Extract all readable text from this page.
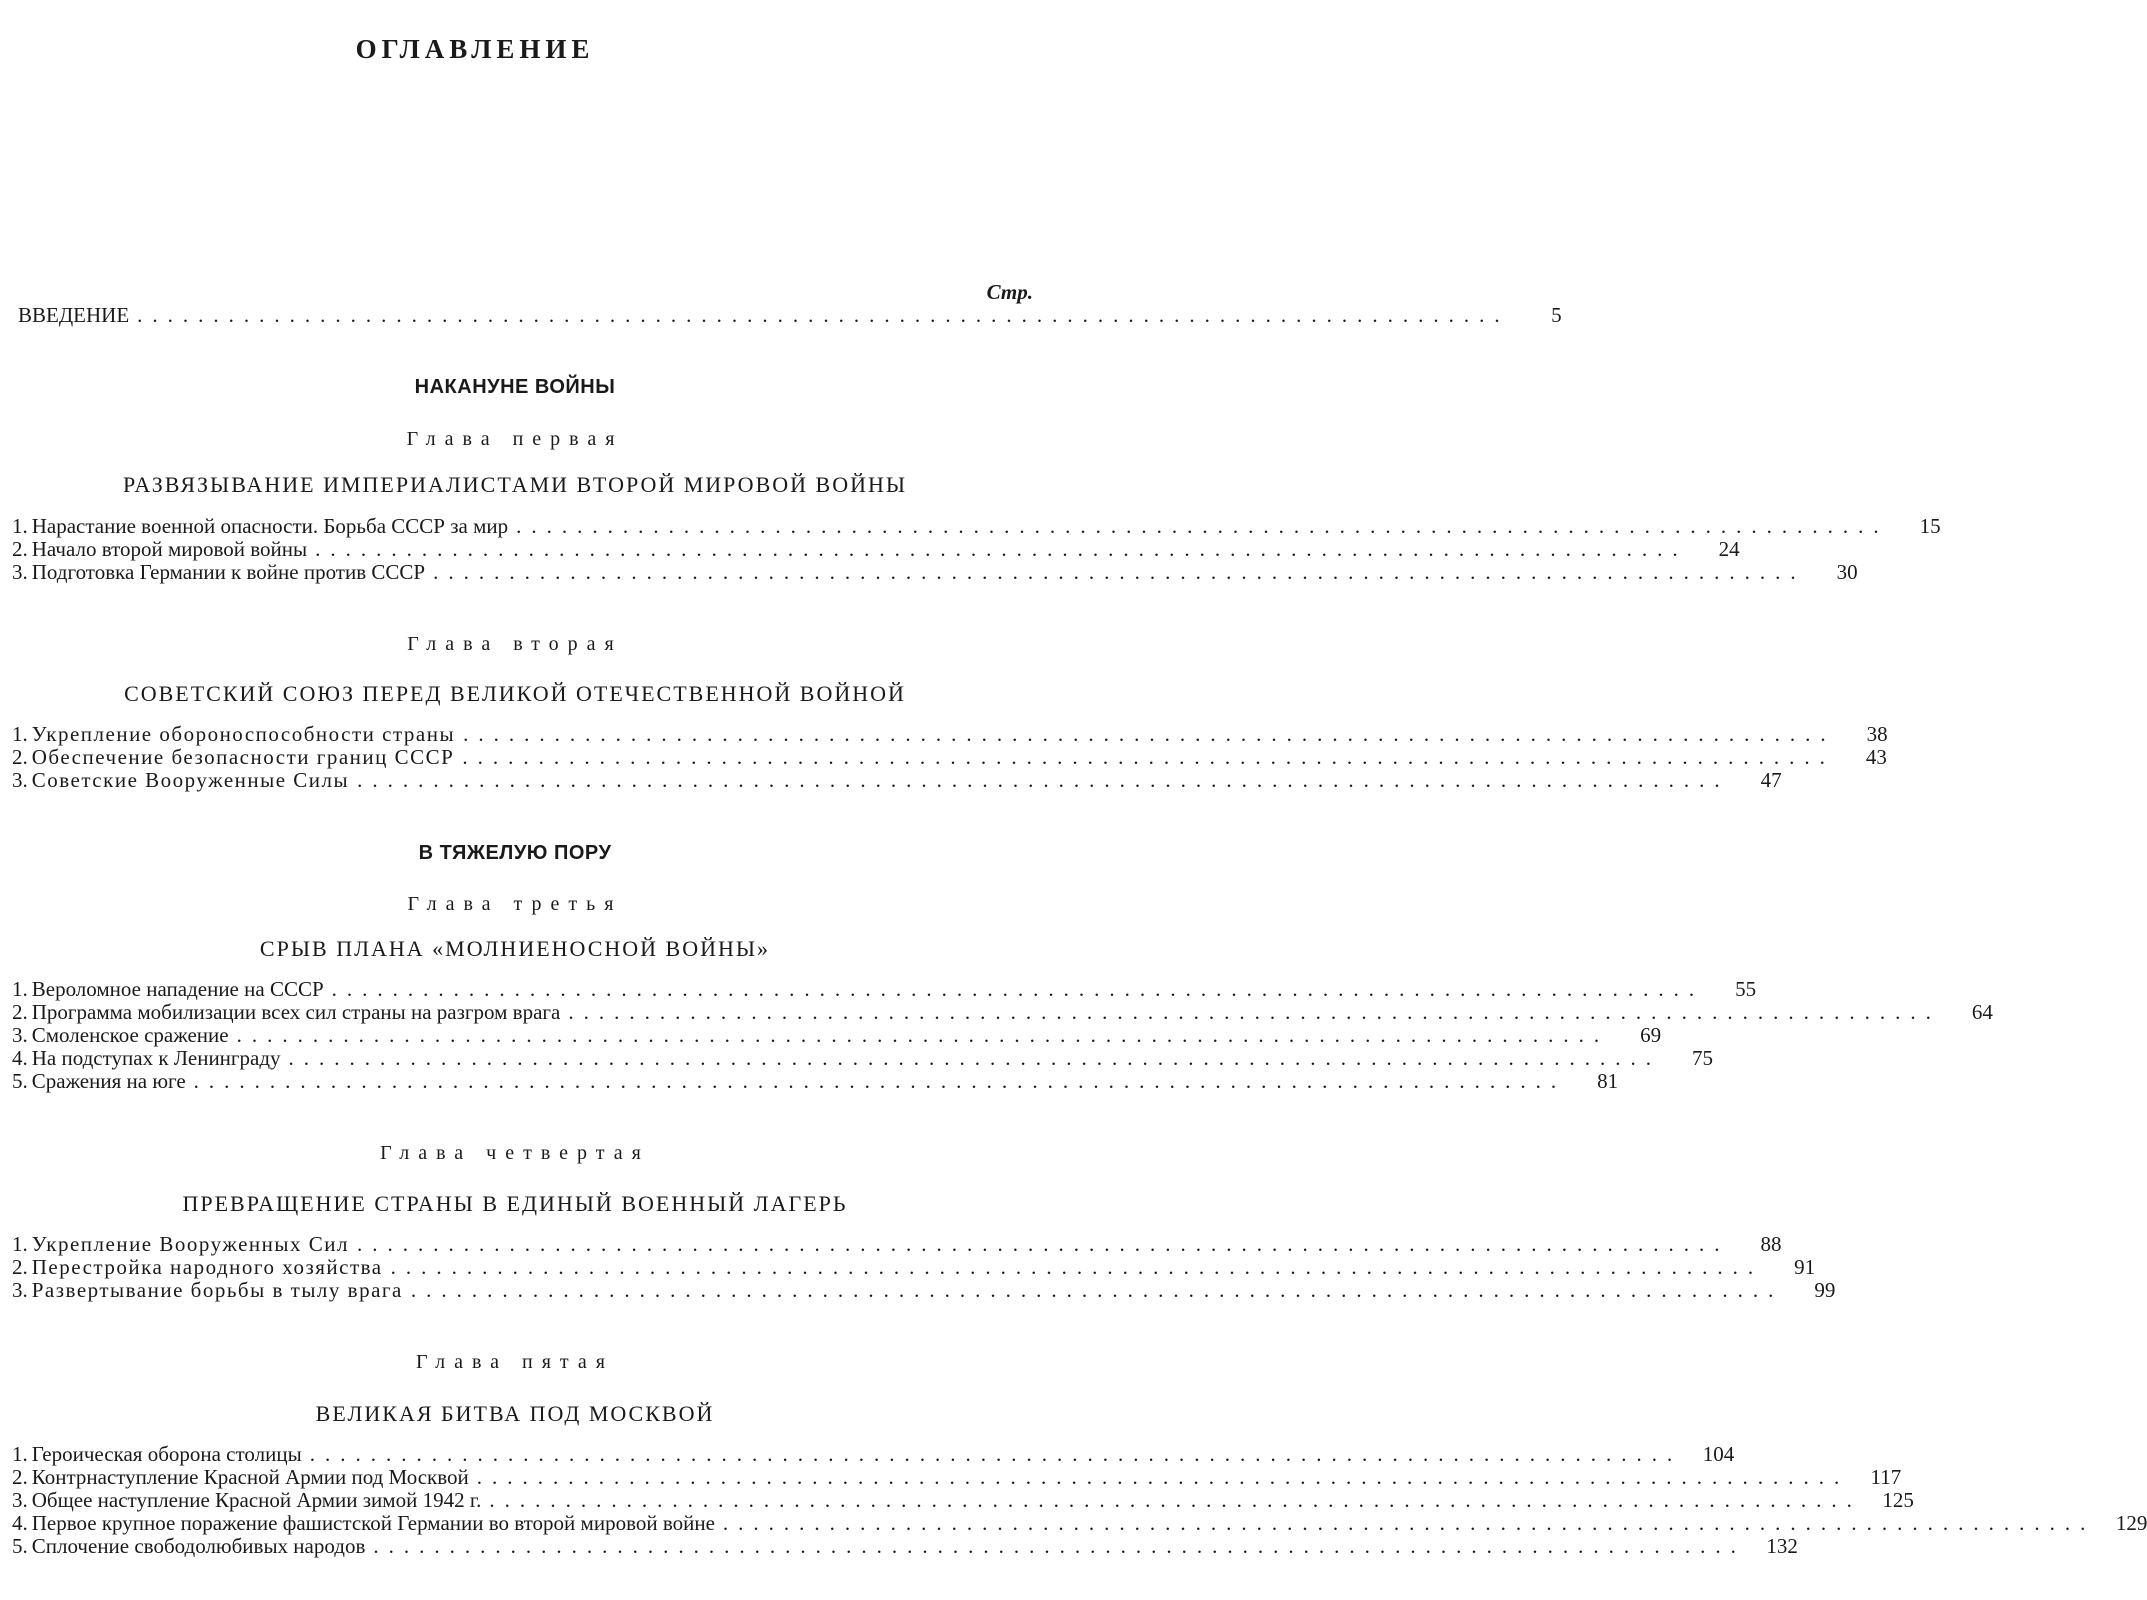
ОГЛАВЛЕНИЕ
Стр.
ВВЕДЕНИЕ ..........................................................................................	5
НАКАНУНЕ ВОЙНЫ
Глава первая
РАЗВЯЗЫВАНИЕ ИМПЕРИАЛИСТАМИ ВТОРОЙ МИРОВОЙ ВОЙНЫ
1. Нарастание военной опасности. Борьба СССР за мир ..........................................................................................	15
2. Начало второй мировой войны ..........................................................................................	24
3. Подготовка Германии к войне против СССР ..........................................................................................	30
Глава вторая
СОВЕТСКИЙ СОЮЗ ПЕРЕД ВЕЛИКОЙ ОТЕЧЕСТВЕННОЙ ВОЙНОЙ
1. Укрепление обороноспособности страны ..........................................................................................	38
2. Обеспечение безопасности границ СССР ..........................................................................................	43
3. Советские Вооруженные Силы ..........................................................................................	47
В ТЯЖЕЛУЮ ПОРУ
Глава третья
СРЫВ ПЛАНА «МОЛНИЕНОСНОЙ ВОЙНЫ»
1. Вероломное нападение на СССР ..........................................................................................	55
2. Программа мобилизации всех сил страны на разгром врага ..........................................................................................	64
3. Смоленское сражение ..........................................................................................	69
4. На подступах к Ленинграду ..........................................................................................	75
5. Сражения на юге ..........................................................................................	81
Глава четвертая
ПРЕВРАЩЕНИЕ СТРАНЫ В ЕДИНЫЙ ВОЕННЫЙ ЛАГЕРЬ
1. Укрепление Вооруженных Сил ..........................................................................................	88
2. Перестройка народного хозяйства ..........................................................................................	91
3. Развертывание борьбы в тылу врага ..........................................................................................	99
Глава пятая
ВЕЛИКАЯ БИТВА ПОД МОСКВОЙ
1. Героическая оборона столицы .......................................................................................... 104
2. Контрнаступление Красной Армии под Москвой ..........................................................................................	117
3. Общее наступление Красной Армии зимой 1942 г. .......................................................................................... 125
4. Первое крупное поражение фашистской Германии во второй мировой войне .......................................................................................... 129
5. Сплочение свободолюбивых народов .......................................................................................... 132
